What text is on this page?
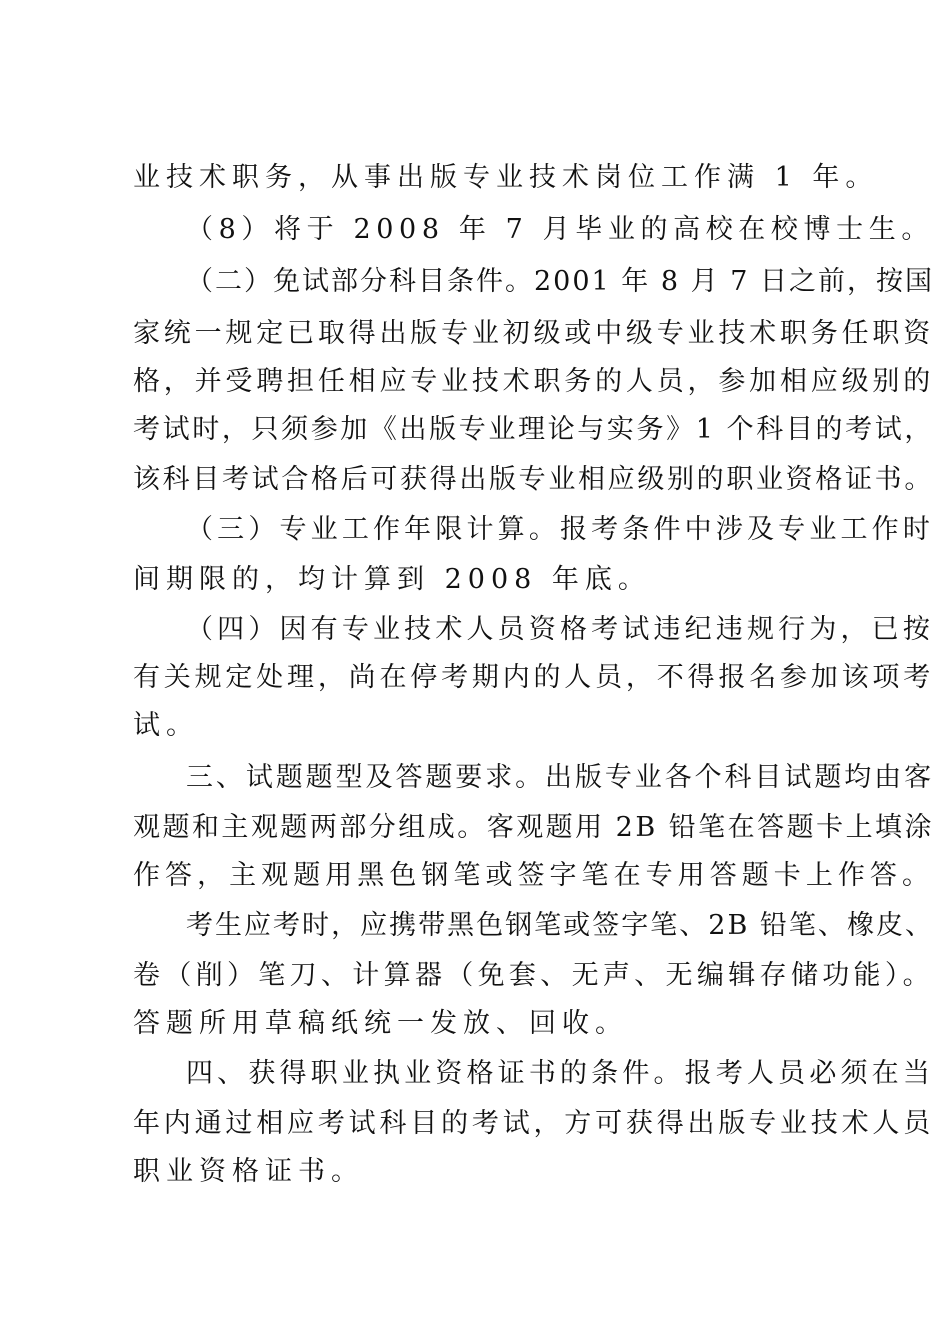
业技术职务，从事出版专业技术岗位工作满 1 年。
（8）将于 2008 年 7 月毕业的高校在校博士生。
（二）免试部分科目条件。2001 年 8 月 7 日之前，按国
家统一规定已取得出版专业初级或中级专业技术职务任职资
格，并受聘担任相应专业技术职务的人员，参加相应级别的
考试时，只须参加《出版专业理论与实务》1 个科目的考试，
该科目考试合格后可获得出版专业相应级别的职业资格证书。
（三）专业工作年限计算。报考条件中涉及专业工作时
间期限的，均计算到 2008 年底。
（四）因有专业技术人员资格考试违纪违规行为，已按
有关规定处理，尚在停考期内的人员，不得报名参加该项考
试。
三、试题题型及答题要求。出版专业各个科目试题均由客
观题和主观题两部分组成。客观题用 2B 铅笔在答题卡上填涂
作答，主观题用黑色钢笔或签字笔在专用答题卡上作答。
考生应考时，应携带黑色钢笔或签字笔、2B 铅笔、橡皮、
卷（削）笔刀、计算器（免套、无声、无编辑存储功能）。
答题所用草稿纸统一发放、回收。
四、获得职业执业资格证书的条件。报考人员必须在当
年内通过相应考试科目的考试，方可获得出版专业技术人员
职业资格证书。
